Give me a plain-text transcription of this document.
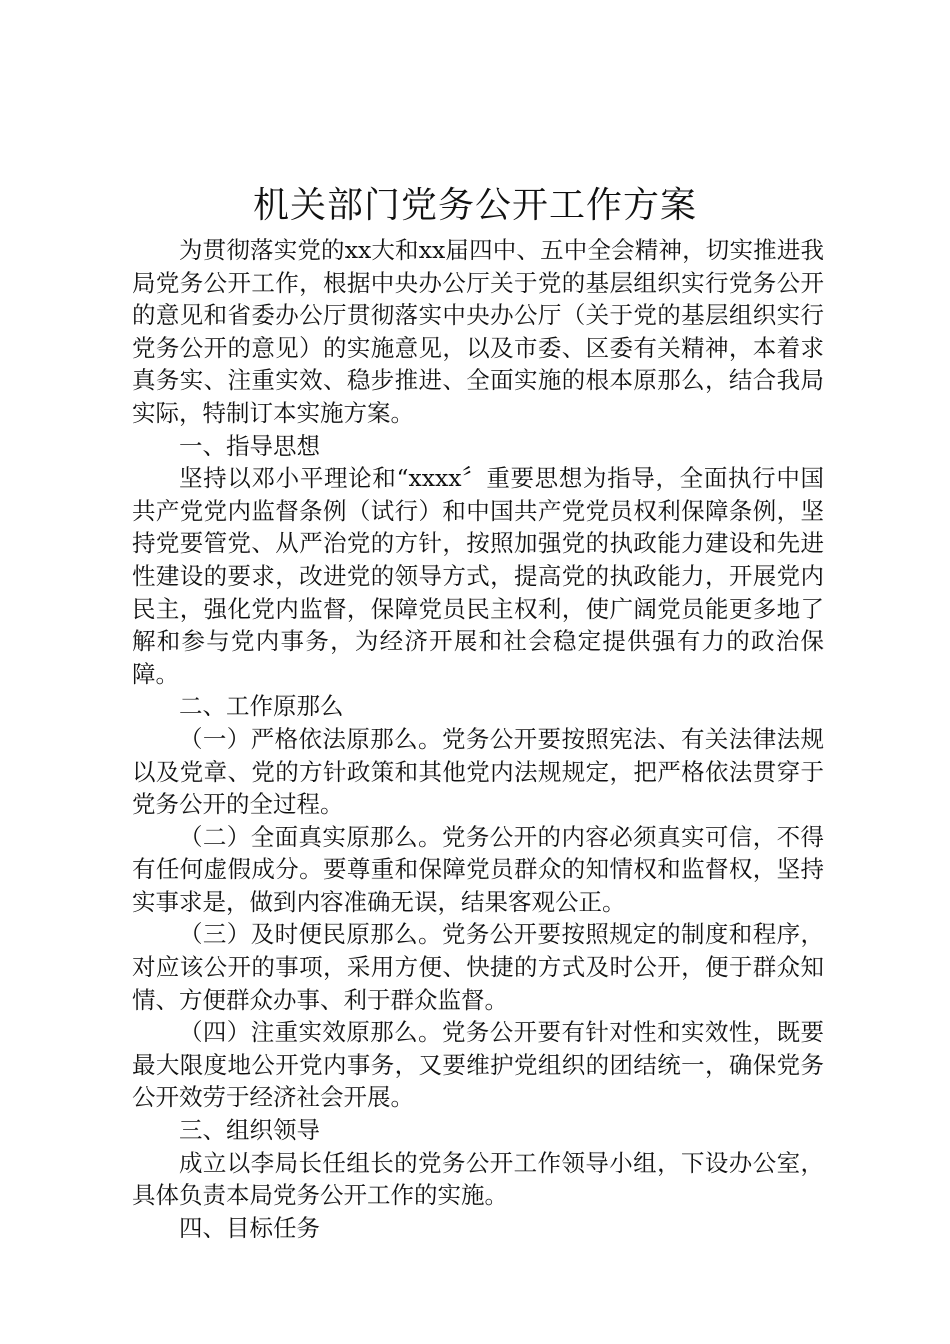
机关部门党务公开工作方案

为贯彻落实党的xx大和xx届四中、五中全会精神，切实推进我局党务公开工作，根据中央办公厅关于党的基层组织实行党务公开的意见和省委办公厅贯彻落实中央办公厅（关于党的基层组织实行党务公开的意见）的实施意见，以及市委、区委有关精神，本着求真务实、注重实效、稳步推进、全面实施的根本原那么，结合我局实际，特制订本实施方案。

一、指导思想

坚持以邓小平理论和“xxxx〞重要思想为指导，全面执行中国共产党党内监督条例（试行）和中国共产党党员权利保障条例，坚持党要管党、从严治党的方针，按照加强党的执政能力建设和先进性建设的要求，改进党的领导方式，提高党的执政能力，开展党内民主，强化党内监督，保障党员民主权利，使广阔党员能更多地了解和参与党内事务，为经济开展和社会稳定提供强有力的政治保障。

二、工作原那么

（一）严格依法原那么。党务公开要按照宪法、有关法律法规以及党章、党的方针政策和其他党内法规规定，把严格依法贯穿于党务公开的全过程。

（二）全面真实原那么。党务公开的内容必须真实可信，不得有任何虚假成分。要尊重和保障党员群众的知情权和监督权，坚持实事求是，做到内容准确无误，结果客观公正。

（三）及时便民原那么。党务公开要按照规定的制度和程序，对应该公开的事项，采用方便、快捷的方式及时公开，便于群众知情、方便群众办事、利于群众监督。

（四）注重实效原那么。党务公开要有针对性和实效性，既要最大限度地公开党内事务，又要维护党组织的团结统一，确保党务公开效劳于经济社会开展。

三、组织领导

成立以李局长任组长的党务公开工作领导小组，下设办公室，具体负责本局党务公开工作的实施。

四、目标任务
